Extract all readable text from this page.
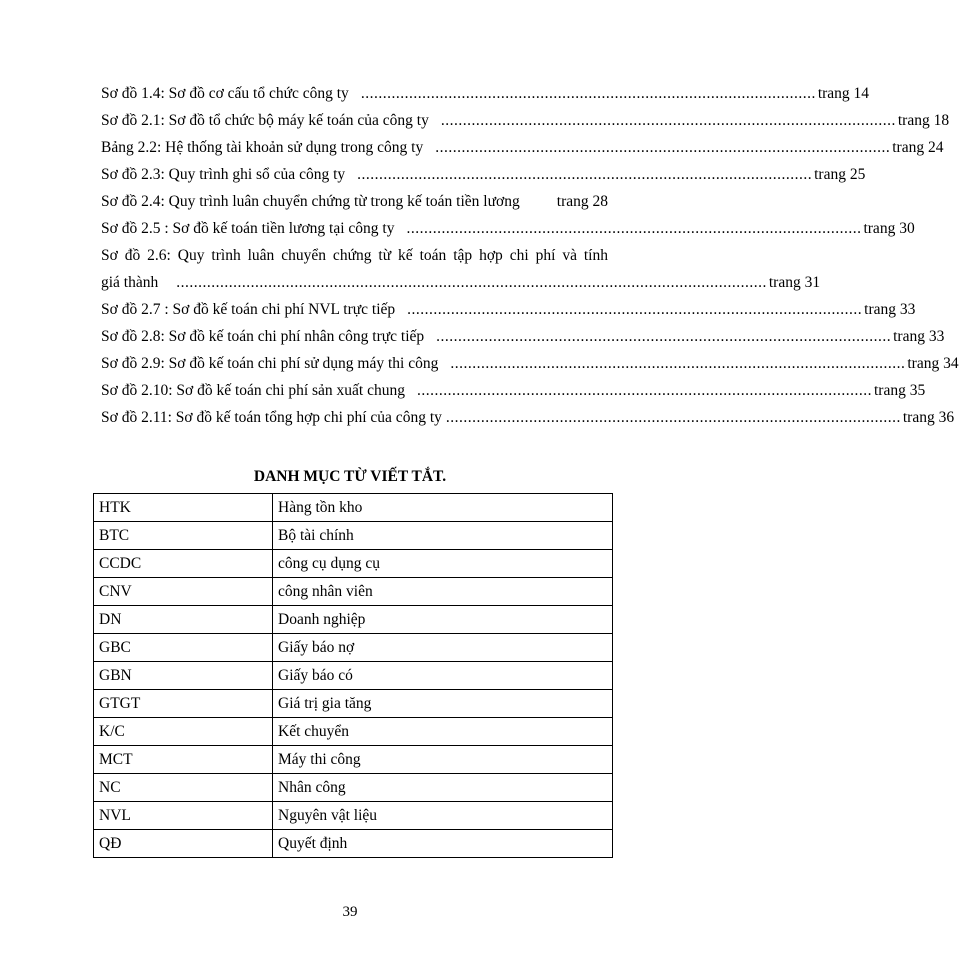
Sơ đồ 1.4: Sơ đồ cơ cấu tổ chức công ty ........................................................................................................ trang 14
Sơ đồ 2.1: Sơ đồ tổ chức bộ máy kế toán của công ty ........................................................................................................ trang 18
Bảng 2.2: Hệ thống tài khoản sử dụng trong công ty ........................................................................................................ trang 24
Sơ đồ 2.3: Quy trình ghi sổ của công ty ........................................................................................................ trang 25
Sơ đồ 2.4: Quy trình luân chuyển chứng từ trong kế toán tiền lương trang 28
Sơ đồ 2.5 : Sơ đồ kế toán tiền lương tại công ty ........................................................................................................ trang 30
Sơ đồ 2.6: Quy trình luân chuyển chứng từ kế toán tập hợp chi phí và tính
giá thành ....................................................................................................................................... trang 31
Sơ đồ 2.7 : Sơ đồ kế toán chi phí NVL trực tiếp ........................................................................................................ trang 33
Sơ đồ 2.8: Sơ đồ kế toán chi phí nhân công trực tiếp ........................................................................................................ trang 33
Sơ đồ 2.9: Sơ đồ kế toán chi phí sử dụng máy thi công ........................................................................................................ trang 34
Sơ đồ 2.10: Sơ đồ kế toán chi phí sản xuất chung ........................................................................................................ trang 35
Sơ đồ 2.11: Sơ đồ kế toán tổng hợp chi phí của công ty ........................................................................................................ trang 36
DANH MỤC TỪ VIẾT TẮT.
HTK	Hàng tồn kho
BTC	Bộ tài chính
CCDC	công cụ dụng cụ
CNV	công nhân viên
DN	Doanh nghiệp
GBC	Giấy báo nợ
GBN	Giấy báo có
GTGT	Giá trị gia tăng
K/C	Kết chuyển
MCT	Máy thi công
NC	Nhân công
NVL	Nguyên vật liệu
QĐ	Quyết định
39
